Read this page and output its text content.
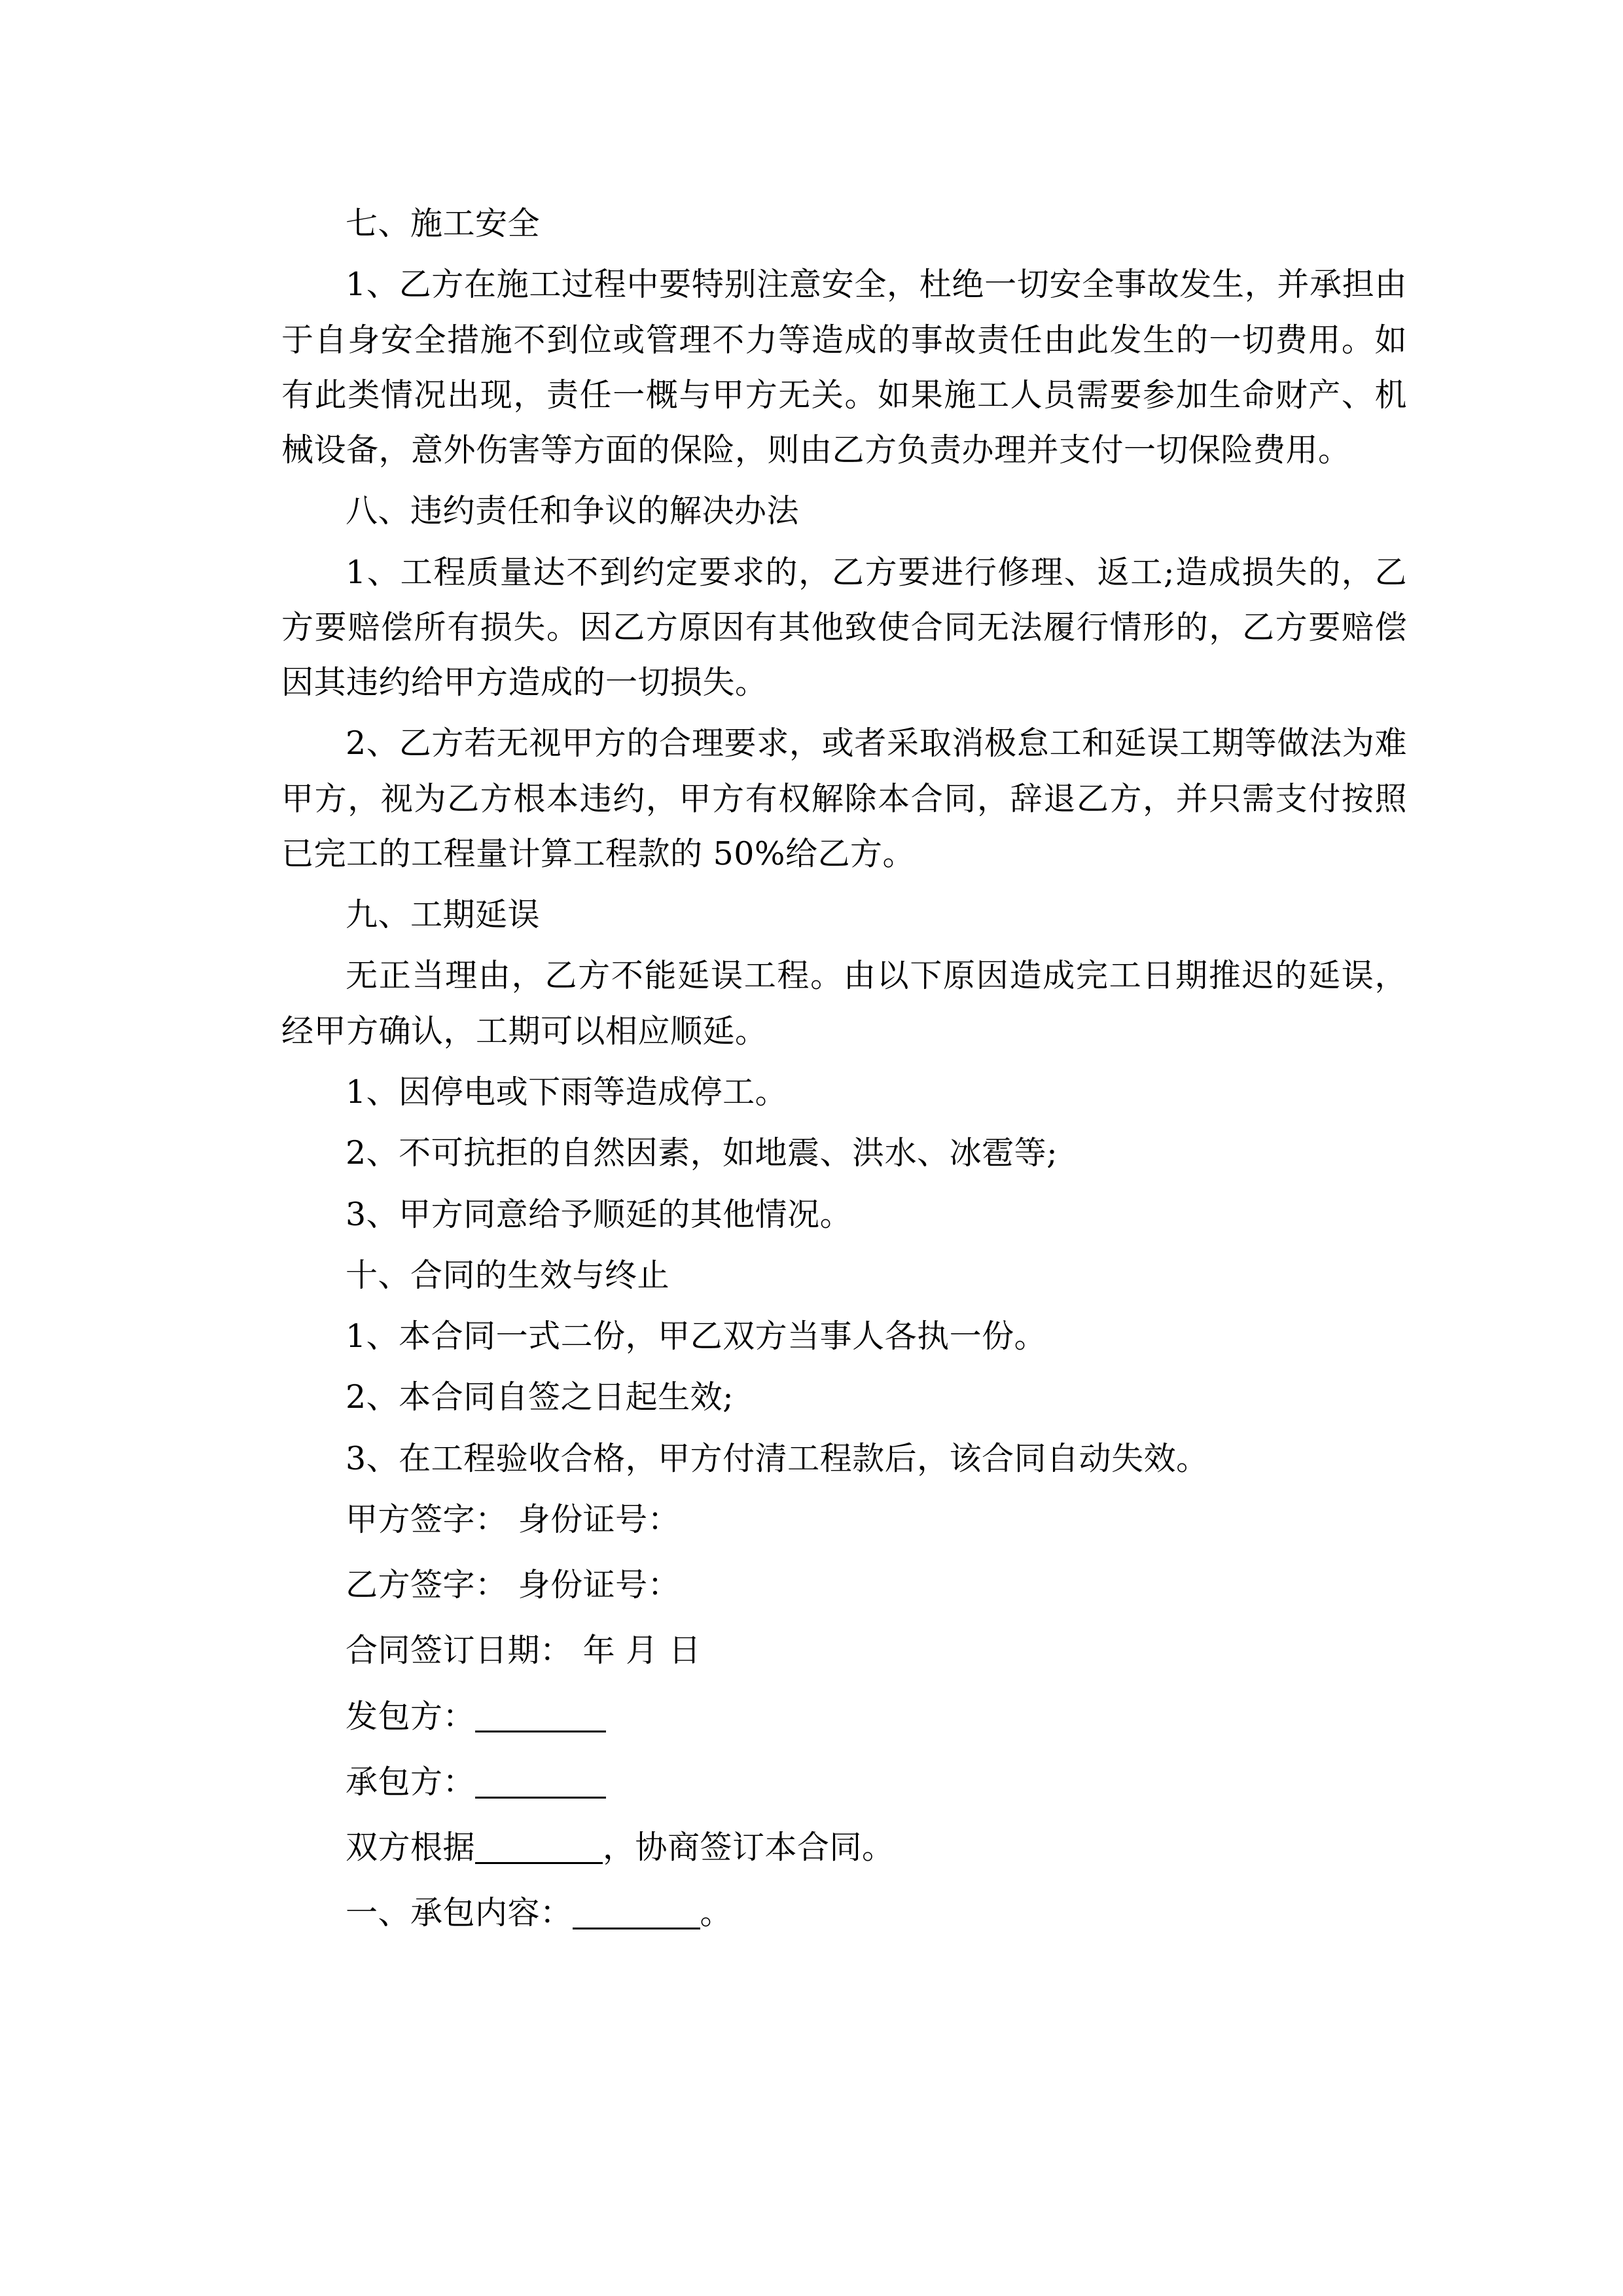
七、施工安全

1、乙方在施工过程中要特别注意安全，杜绝一切安全事故发生，并承担由于自身安全措施不到位或管理不力等造成的事故责任由此发生的一切费用。如有此类情况出现，责任一概与甲方无关。如果施工人员需要参加生命财产、机械设备，意外伤害等方面的保险，则由乙方负责办理并支付一切保险费用。

八、违约责任和争议的解决办法

1、工程质量达不到约定要求的，乙方要进行修理、返工;造成损失的，乙方要赔偿所有损失。因乙方原因有其他致使合同无法履行情形的，乙方要赔偿因其违约给甲方造成的一切损失。

2、乙方若无视甲方的合理要求，或者采取消极怠工和延误工期等做法为难甲方，视为乙方根本违约，甲方有权解除本合同，辞退乙方，并只需支付按照已完工的工程量计算工程款的 50%给乙方。

九、工期延误

无正当理由，乙方不能延误工程。由以下原因造成完工日期推迟的延误，经甲方确认，工期可以相应顺延。

1、因停电或下雨等造成停工。

2、不可抗拒的自然因素，如地震、洪水、冰雹等;

3、甲方同意给予顺延的其他情况。

十、合同的生效与终止

1、本合同一式二份，甲乙双方当事人各执一份。

2、本合同自签之日起生效;

3、在工程验收合格，甲方付清工程款后，该合同自动失效。

甲方签字： 身份证号：

乙方签字： 身份证号：

合同签订日期： 年 月 日

发包方：

承包方：

双方根据	，协商签订本合同。

一、承包内容：	。
